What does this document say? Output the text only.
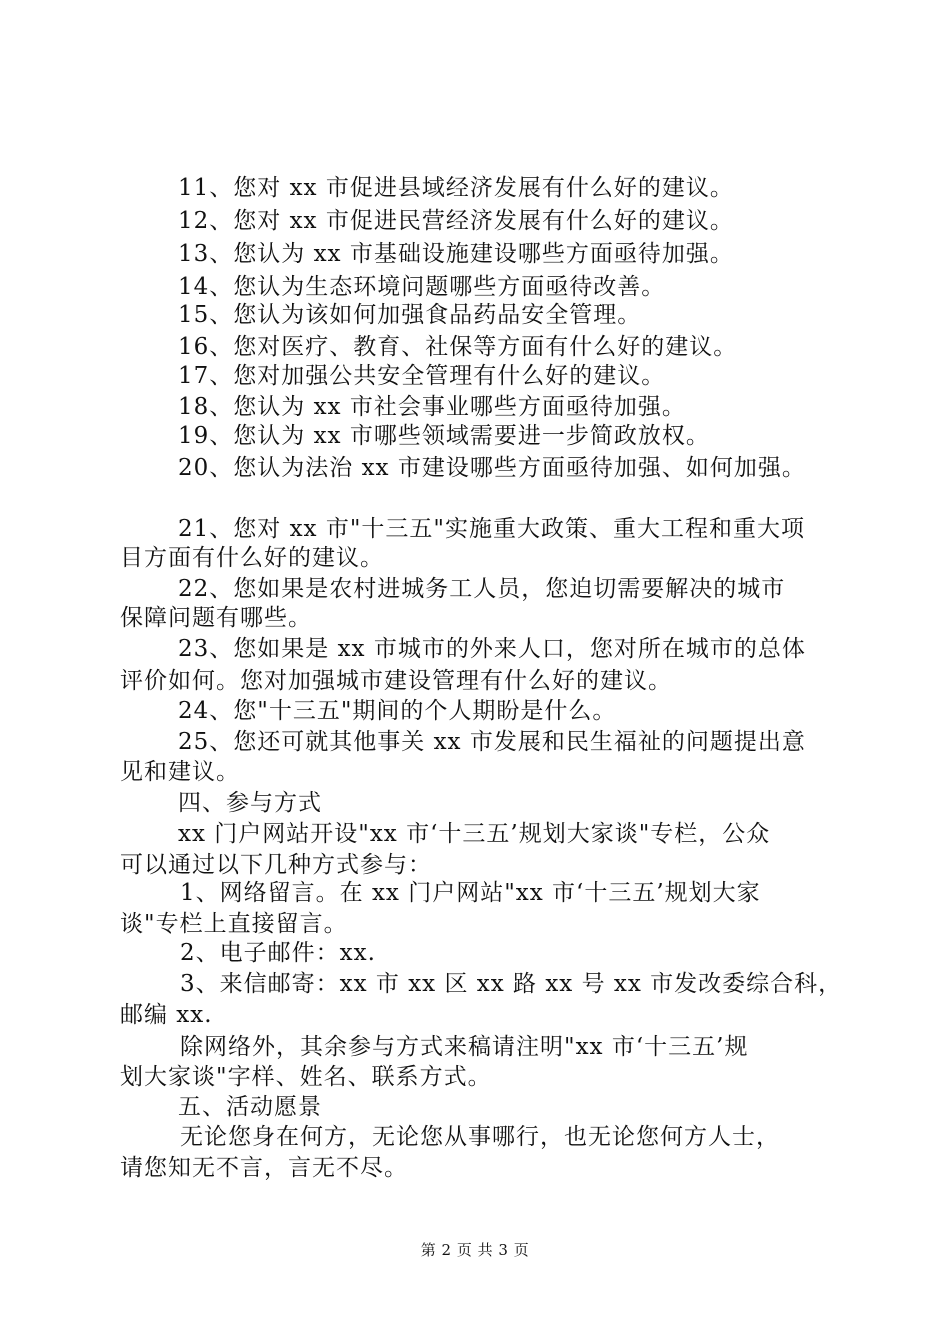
11、您对 xx 市促进县域经济发展有什么好的建议。
12、您对 xx 市促进民营经济发展有什么好的建议。
13、您认为 xx 市基础设施建设哪些方面亟待加强。
14、您认为生态环境问题哪些方面亟待改善。
15、您认为该如何加强食品药品安全管理。
16、您对医疗、教育、社保等方面有什么好的建议。
17、您对加强公共安全管理有什么好的建议。
18、您认为 xx 市社会事业哪些方面亟待加强。
19、您认为 xx 市哪些领域需要进一步简政放权。
20、您认为法治 xx 市建设哪些方面亟待加强、如何加强。
21、您对 xx 市"十三五"实施重大政策、重大工程和重大项
目方面有什么好的建议。
22、您如果是农村进城务工人员，您迫切需要解决的城市
保障问题有哪些。
23、您如果是 xx 市城市的外来人口，您对所在城市的总体
评价如何。您对加强城市建设管理有什么好的建议。
24、您"十三五"期间的个人期盼是什么。
25、您还可就其他事关 xx 市发展和民生福祉的问题提出意
见和建议。
四、参与方式
xx 门户网站开设"xx 市‘十三五’规划大家谈"专栏，公众
可以通过以下几种方式参与：
1、网络留言。在 xx 门户网站"xx 市‘十三五’规划大家
谈"专栏上直接留言。
2、电子邮件：xx.
3、来信邮寄：xx 市 xx 区 xx 路 xx 号 xx 市发改委综合科，
邮编 xx.
除网络外，其余参与方式来稿请注明"xx 市‘十三五’规
划大家谈"字样、姓名、联系方式。
五、活动愿景
无论您身在何方，无论您从事哪行，也无论您何方人士，
请您知无不言，言无不尽。
第 2 页 共 3 页
